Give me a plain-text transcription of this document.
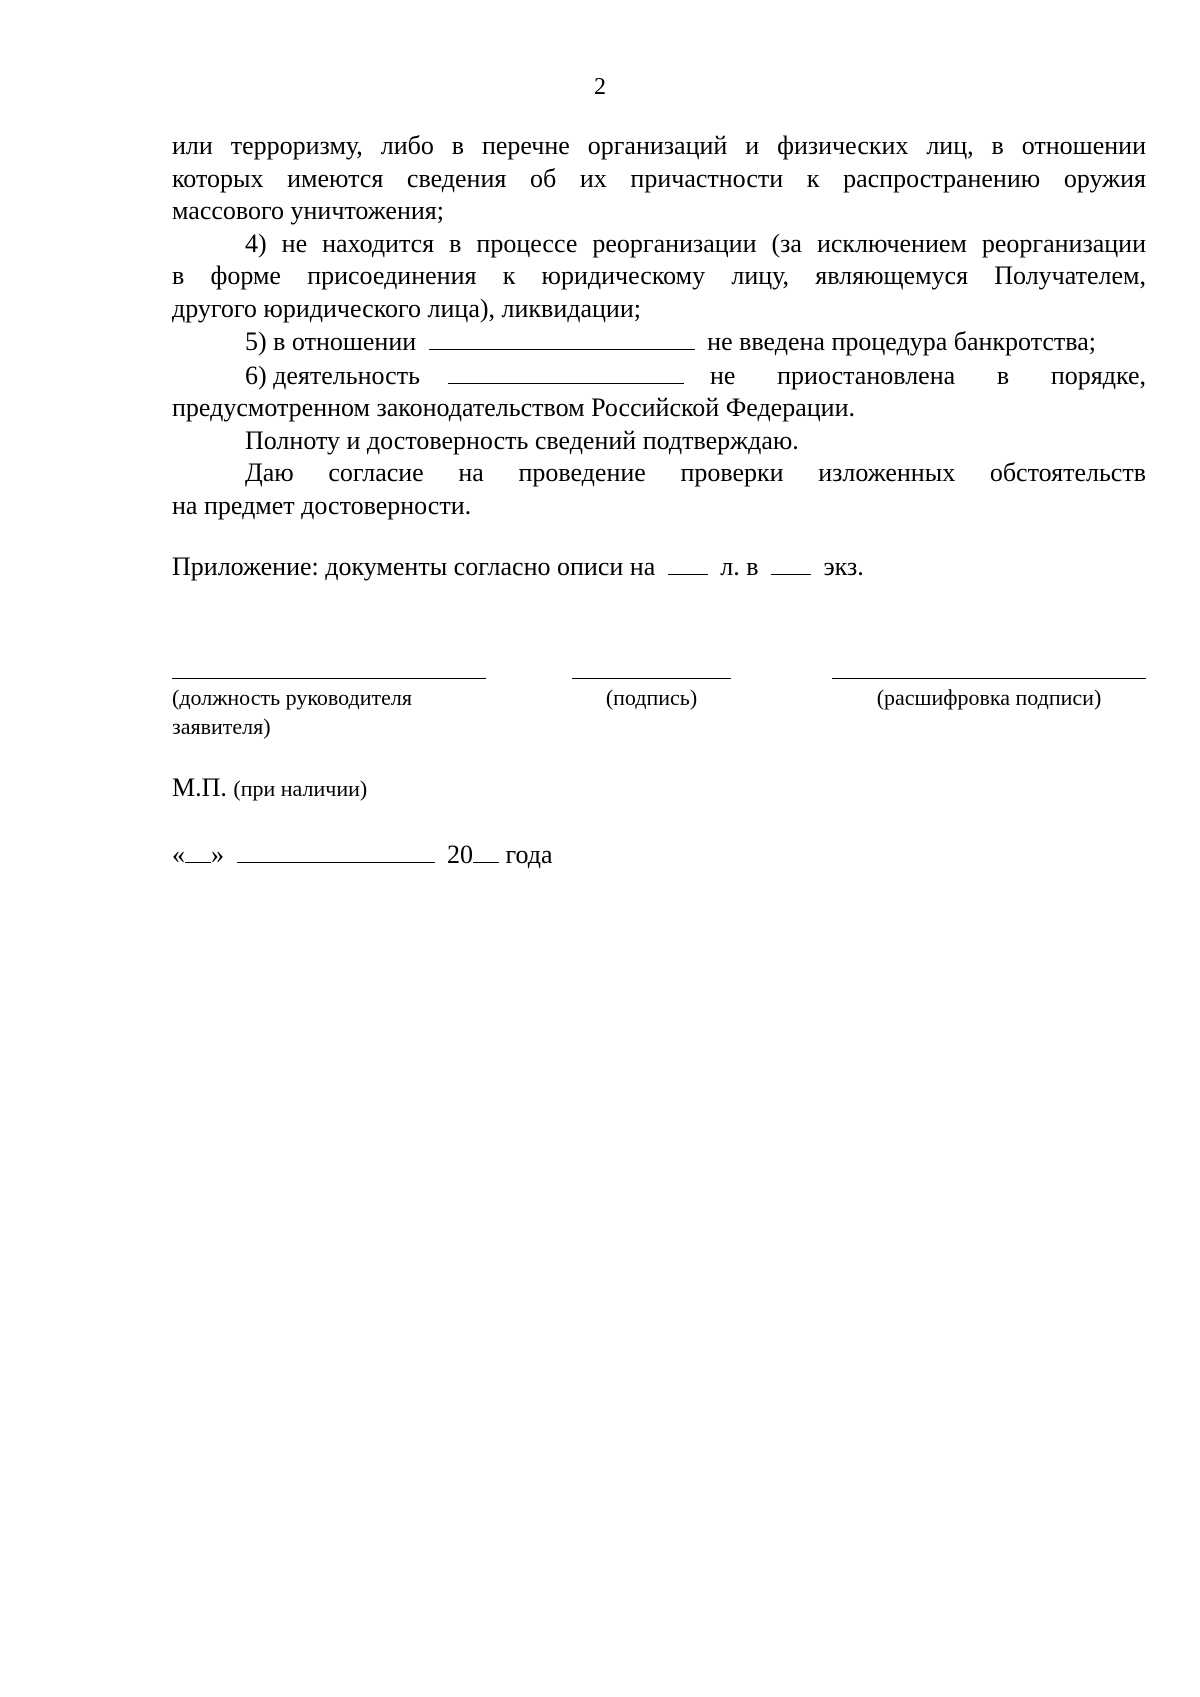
2
или терроризму, либо в перечне организаций и физических лиц, в отношении
которых имеются сведения об их причастности к распространению оружия
массового уничтожения;
4) не находится в процессе реорганизации (за исключением реорганизации
в форме присоединения к юридическому лицу, являющемуся Получателем,
другого юридического лица), ликвидации;
5) в отношении	не введена процедура банкротства;
6) деятельность	не приостановлена в порядке,
предусмотренном законодательством Российской Федерации.
Полноту и достоверность сведений подтверждаю.
Даю согласие на проведение проверки изложенных обстоятельств
на предмет достоверности.
Приложение: документы согласно описи на	л. в	экз.
(должность руководителя
заявителя)
(подпись)	(расшифровка подписи)
М.П. (при наличии)
« »	20 года
